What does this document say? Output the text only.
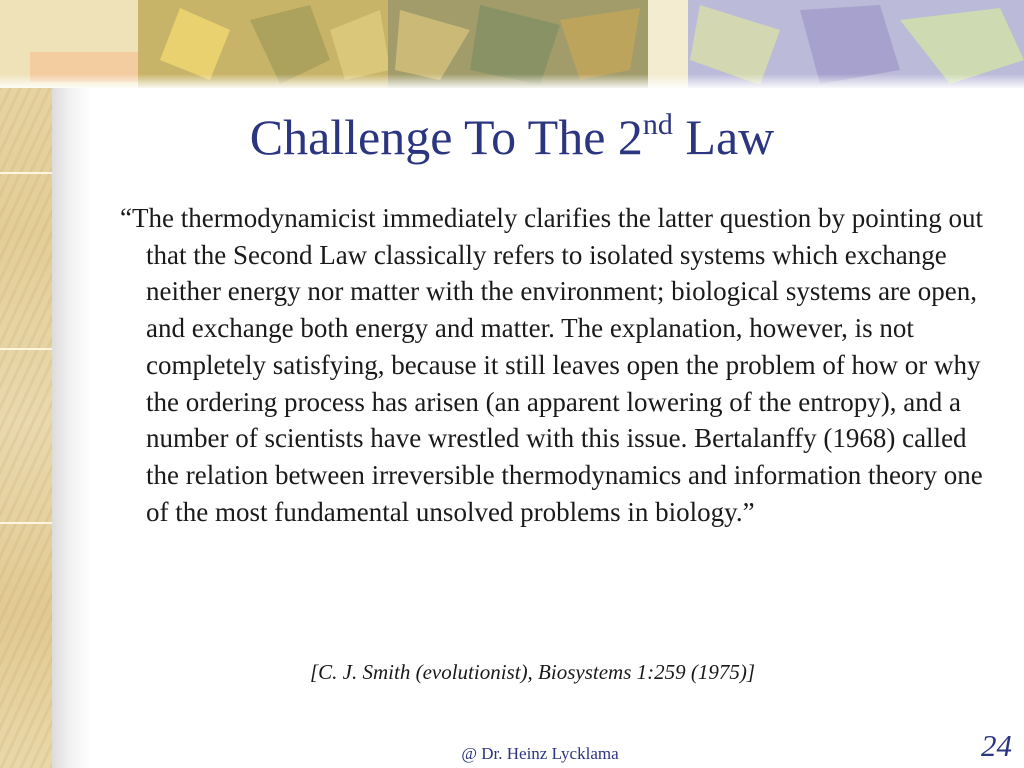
Challenge To The 2nd Law
“The thermodynamicist immediately clarifies the latter question by pointing out that the Second Law classically refers to isolated systems which exchange neither energy nor matter with the environment; biological systems are open, and exchange both energy and matter. The explanation, however, is not completely satisfying, because it still leaves open the problem of how or why the ordering process has arisen (an apparent lowering of the entropy), and a number of scientists have wrestled with this issue. Bertalanffy (1968) called the relation between irreversible thermodynamics and information theory one of the most fundamental unsolved problems in biology.”
[C. J. Smith (evolutionist), Biosystems 1:259 (1975)]
@ Dr. Heinz Lycklama	24
